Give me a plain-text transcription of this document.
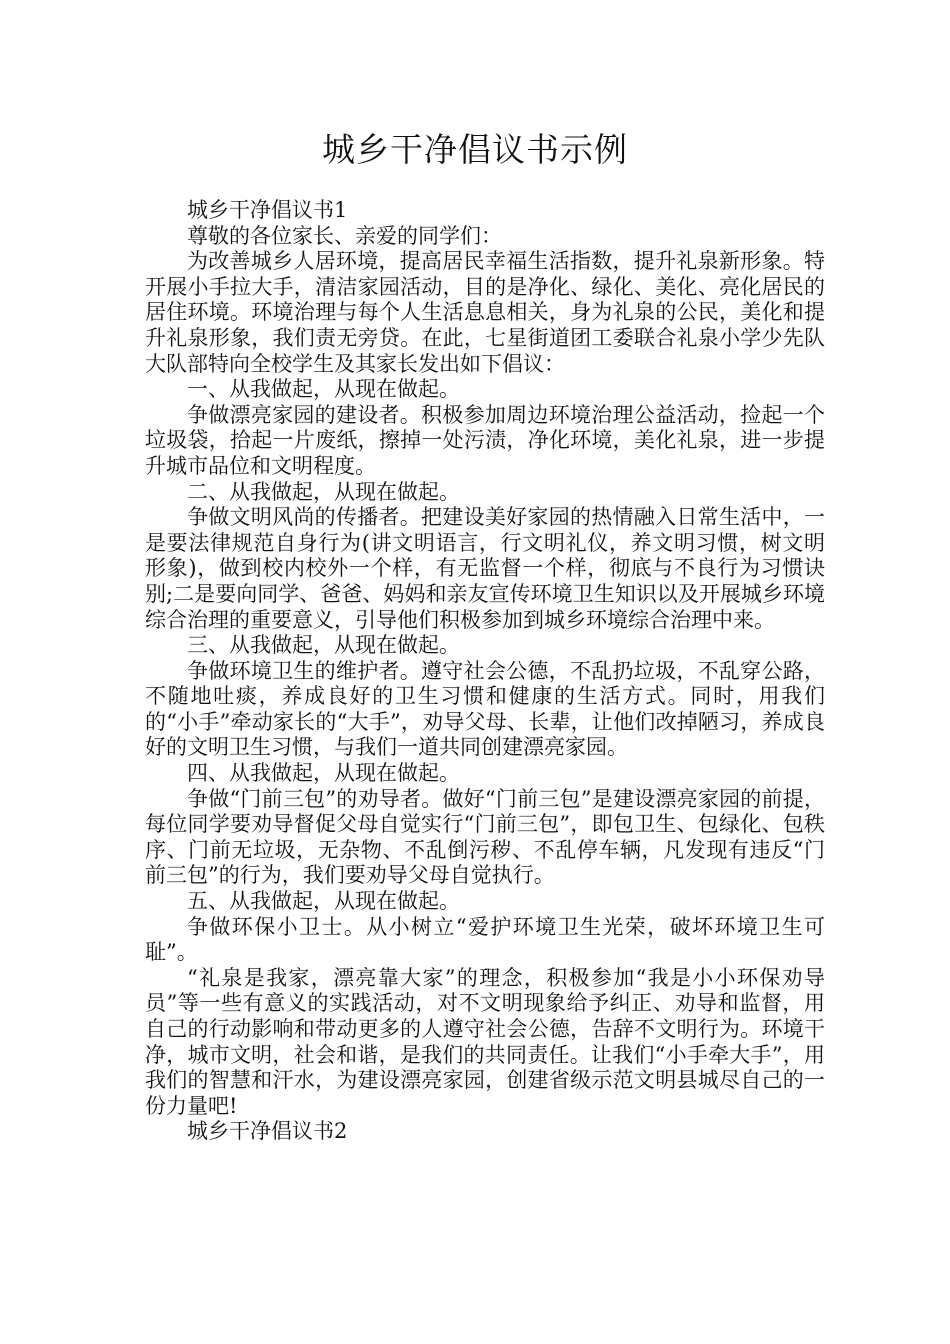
城乡干净倡议书示例

城乡干净倡议书1

尊敬的各位家长、亲爱的同学们：

为改善城乡人居环境，提高居民幸福生活指数，提升礼泉新形象。特开展小手拉大手，清洁家园活动，目的是净化、绿化、美化、亮化居民的居住环境。环境治理与每个人生活息息相关，身为礼泉的公民，美化和提升礼泉形象，我们责无旁贷。在此，七星街道团工委联合礼泉小学少先队大队部特向全校学生及其家长发出如下倡议：

一、从我做起，从现在做起。

争做漂亮家园的建设者。积极参加周边环境治理公益活动，捡起一个垃圾袋，拾起一片废纸，擦掉一处污渍，净化环境，美化礼泉，进一步提升城市品位和文明程度。

二、从我做起，从现在做起。

争做文明风尚的传播者。把建设美好家园的热情融入日常生活中，一是要法律规范自身行为(讲文明语言，行文明礼仪，养文明习惯，树文明形象)，做到校内校外一个样，有无监督一个样，彻底与不良行为习惯诀别;二是要向同学、爸爸、妈妈和亲友宣传环境卫生知识以及开展城乡环境综合治理的重要意义，引导他们积极参加到城乡环境综合治理中来。

三、从我做起，从现在做起。

争做环境卫生的维护者。遵守社会公德，不乱扔垃圾，不乱穿公路，不随地吐痰，养成良好的卫生习惯和健康的生活方式。同时，用我们的“小手”牵动家长的“大手”，劝导父母、长辈，让他们改掉陋习，养成良好的文明卫生习惯，与我们一道共同创建漂亮家园。

四、从我做起，从现在做起。

争做“门前三包”的劝导者。做好“门前三包”是建设漂亮家园的前提，每位同学要劝导督促父母自觉实行“门前三包”，即包卫生、包绿化、包秩序、门前无垃圾，无杂物、不乱倒污秽、不乱停车辆，凡发现有违反“门前三包”的行为，我们要劝导父母自觉执行。

五、从我做起，从现在做起。

争做环保小卫士。从小树立“爱护环境卫生光荣，破坏环境卫生可耻”。

“礼泉是我家，漂亮靠大家”的理念，积极参加“我是小小环保劝导员”等一些有意义的实践活动，对不文明现象给予纠正、劝导和监督，用自己的行动影响和带动更多的人遵守社会公德，告辞不文明行为。环境干净，城市文明，社会和谐，是我们的共同责任。让我们“小手牵大手”，用我们的智慧和汗水，为建设漂亮家园，创建省级示范文明县城尽自己的一份力量吧!

城乡干净倡议书2
